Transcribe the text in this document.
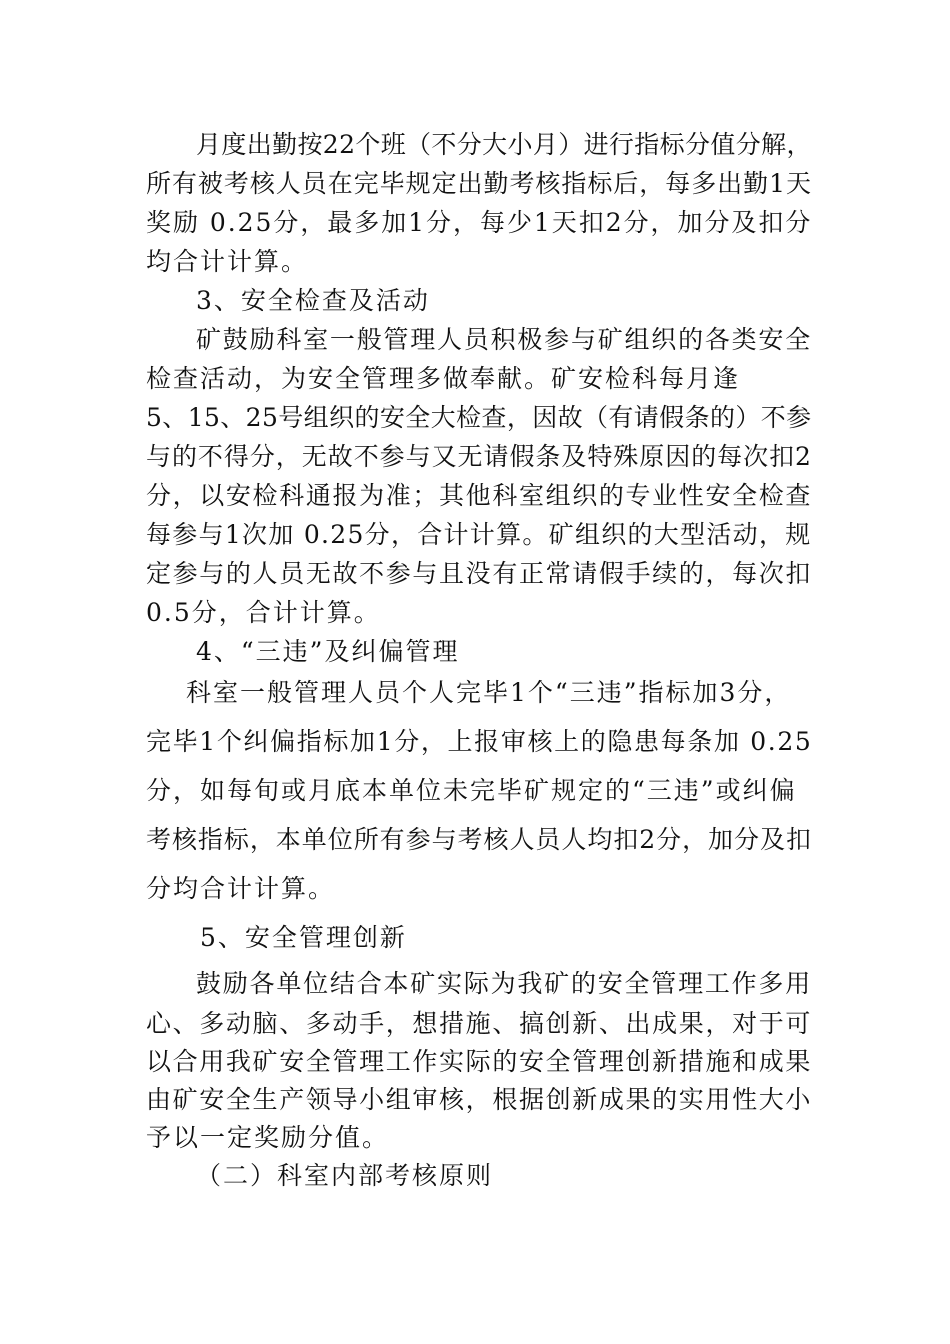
月度出勤按22个班（不分大小月）进行指标分值分解，
所有被考核人员在完毕规定出勤考核指标后，每多出勤1天
奖励 0.25分，最多加1分，每少1天扣2分，加分及扣分
均合计计算。
3、安全检查及活动
矿鼓励科室一般管理人员积极参与矿组织的各类安全
检查活动，为安全管理多做奉献。矿安检科每月逢
5、15、25号组织的安全大检查，因故（有请假条的）不参
与的不得分，无故不参与又无请假条及特殊原因的每次扣2
分，以安检科通报为准；其他科室组织的专业性安全检查
每参与1次加 0.25分，合计计算。矿组织的大型活动，规
定参与的人员无故不参与且没有正常请假手续的，每次扣
0.5分，合计计算。
4、“三违”及纠偏管理
科室一般管理人员个人完毕1个“三违”指标加3分，
完毕1个纠偏指标加1分，上报审核上的隐患每条加 0.25
分，如每旬或月底本单位未完毕矿规定的“三违”或纠偏
考核指标，本单位所有参与考核人员人均扣2分，加分及扣
分均合计计算。
5、安全管理创新
鼓励各单位结合本矿实际为我矿的安全管理工作多用
心、多动脑、多动手，想措施、搞创新、出成果，对于可
以合用我矿安全管理工作实际的安全管理创新措施和成果
由矿安全生产领导小组审核，根据创新成果的实用性大小
予以一定奖励分值。
（二）科室内部考核原则
